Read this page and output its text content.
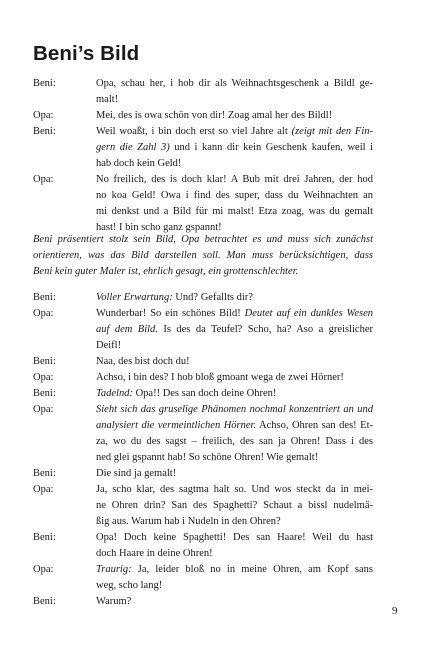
Beni’s Bild
Beni:	Opa, schau her, i hob dir als Weihnachtsgeschenk a Bildl ge-
malt!
Opa:	Mei, des is owa schön von dir! Zoag amal her des Bildl!
Beni:	Weil woaßt, i bin doch erst so viel Jahre alt (zeigt mit den Fin-
gern die Zahl 3) und i kann dir kein Geschenk kaufen, weil i
hab doch kein Geld!
Opa:	No freilich, des is doch klar! A Bub mit drei Jahren, der hod
no koa Geld! Owa i find des super, dass du Weihnachten an
mi denkst und a Bild für mi malst! Etza zoag, was du gemalt
hast! I bin scho ganz gspannt!
Beni präsentiert stolz sein Bild, Opa betrachtet es und muss sich zunächst
orientieren, was das Bild darstellen soll. Man muss berücksichtigen, dass
Beni kein guter Maler ist, ehrlich gesagt, ein grottenschlechter.
Beni:	Voller Erwartung: Und? Gefallts dir?
Opa:	Wunderbar! So ein schönes Bild! Deutet auf ein dunkles Wesen
auf dem Bild. Is des da Teufel? Scho, ha? Aso a greislicher
Deifl!
Beni:	Naa, des bist doch du!
Opa:	Achso, i bin des? I hob bloß gmoant wega de zwei Hörner!
Beni:	Tadelnd: Opa!! Des san doch deine Ohren!
Opa:	Sieht sich das gruselige Phänomen nochmal konzentriert an und
analysiert die vermeintlichen Hörner. Achso, Ohren san des! Et-
za, wo du des sagst – freilich, des san ja Ohren! Dass i des
ned glei gspannt hab! So schöne Ohren! Wie gemalt!
Beni:	Die sind ja gemalt!
Opa:	Ja, scho klar, des sagtma halt so. Und wos steckt da in mei-
ne Ohren drin? San des Spaghetti? Schaut a bissl nudelmä-
ßig aus. Warum hab i Nudeln in den Ohren?
Beni:	Opa! Doch keine Spaghetti! Des san Haare! Weil du hast
doch Haare in deine Ohren!
Opa:	Traurig: Ja, leider bloß no in meine Ohren, am Kopf sans
weg, scho lang!
Beni:	Warum?
9
